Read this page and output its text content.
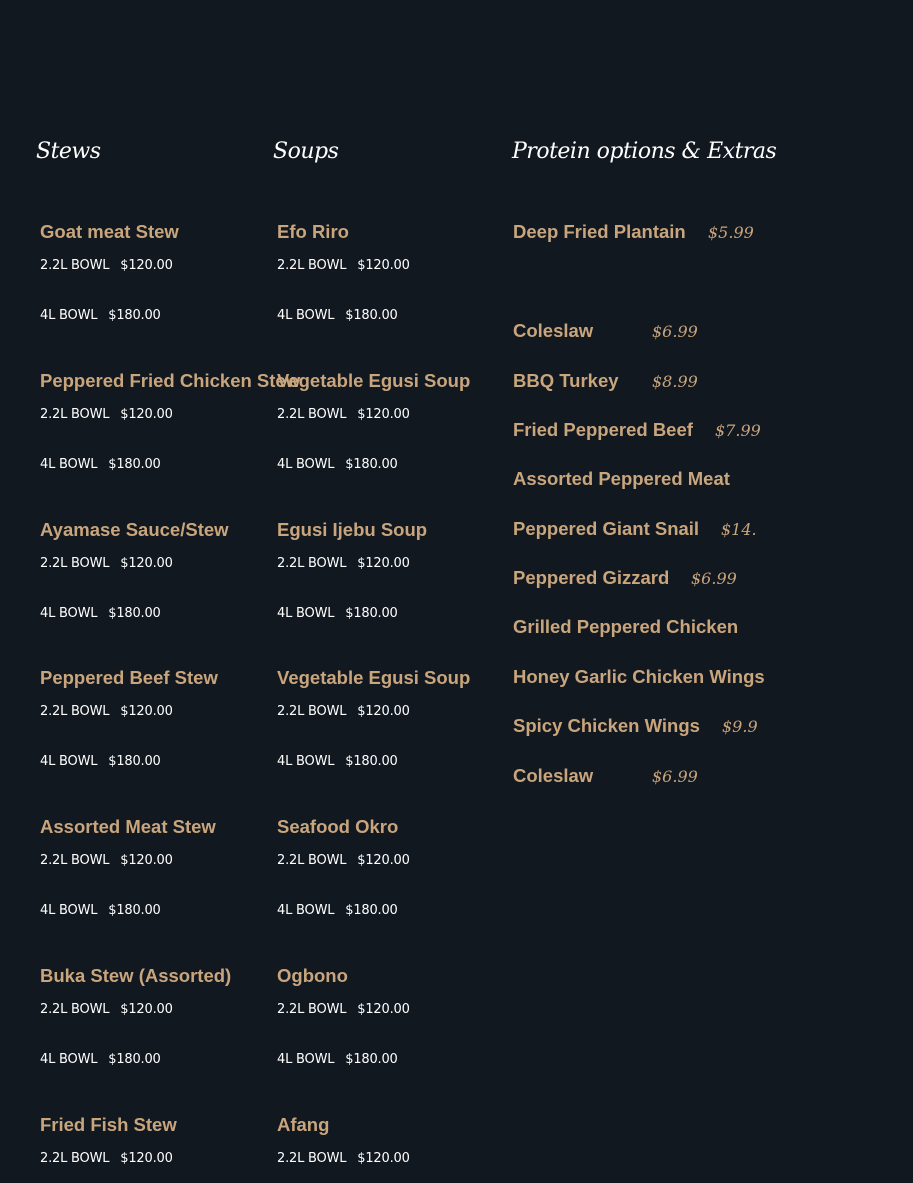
Stews
Goat meat Stew
2.2L BOWL $120.00
4L BOWL $180.00
Peppered Fried Chicken Stew
2.2L BOWL $120.00
4L BOWL $180.00
Ayamase Sauce/Stew
2.2L BOWL $120.00
4L BOWL $180.00
Peppered Beef Stew
2.2L BOWL $120.00
4L BOWL $180.00
Assorted Meat Stew
2.2L BOWL $120.00
4L BOWL $180.00
Buka Stew (Assorted)
2.2L BOWL $120.00
4L BOWL $180.00
Fried Fish Stew
2.2L BOWL $120.00
Soups
Efo Riro
2.2L BOWL $120.00
4L BOWL $180.00
Vegetable Egusi Soup
2.2L BOWL $120.00
4L BOWL $180.00
Egusi Ijebu Soup
2.2L BOWL $120.00
4L BOWL $180.00
Vegetable Egusi Soup
2.2L BOWL $120.00
4L BOWL $180.00
Seafood Okro
2.2L BOWL $120.00
4L BOWL $180.00
Ogbono
2.2L BOWL $120.00
4L BOWL $180.00
Afang
2.2L BOWL $120.00
Protein options & Extras
Deep Fried Plantain $5.99
Coleslaw	$6.99
BBQ Turkey $8.99
Fried Peppered Beef $7.99
Assorted Peppered Meat
Peppered Giant Snail $14.
Peppered Gizzard $6.99
Grilled Peppered Chicken
Honey Garlic Chicken Wings
Spicy Chicken Wings $9.9
Coleslaw	$6.99
